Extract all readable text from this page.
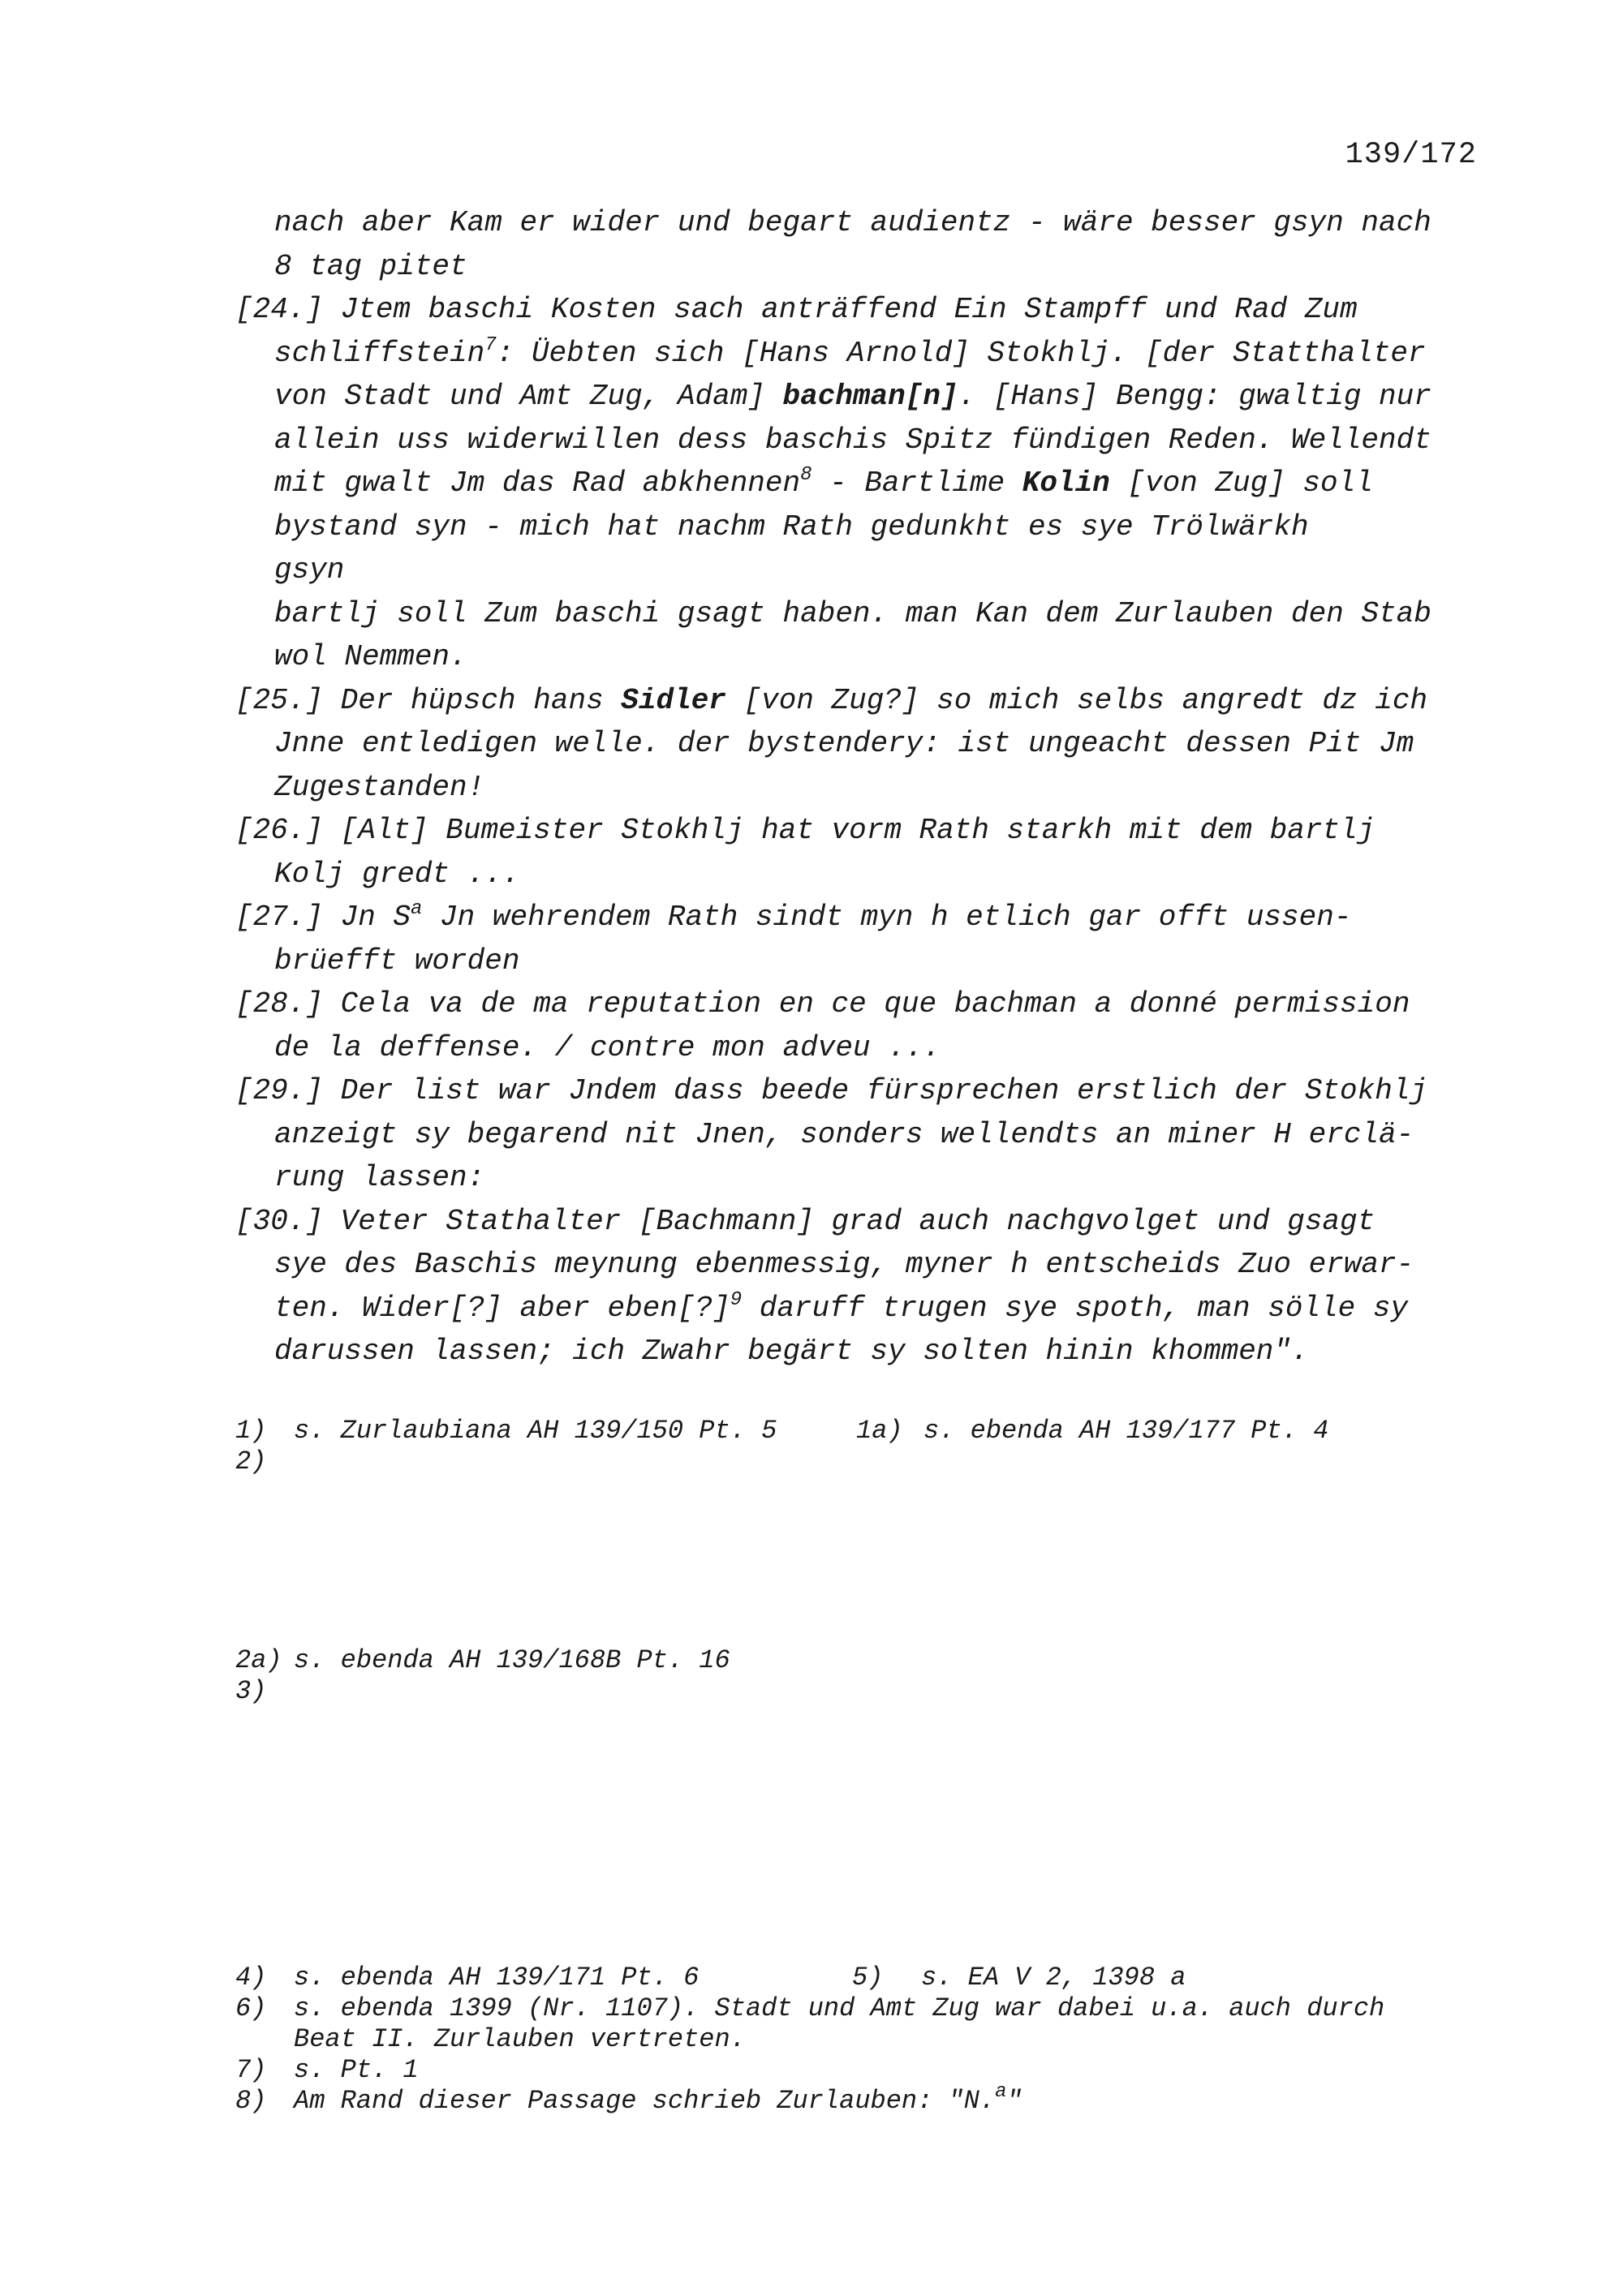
139/172
nach aber Kam er wider und begart audientz - wäre besser gsyn nach
8 tag pitet
[24.] Jtem baschi Kosten sach anträffend Ein Stampff und Rad Zum
schliffstein$^7$: Üebten sich [Hans Arnold] Stokhlj. [der Statthalter
von Stadt und Amt Zug, Adam] bachman[n]. [Hans] Bengg: gwaltig nur
allein uss widerwillen dess baschis Spitz fündigen Reden. Wellendt
mit gwalt Jm das Rad abkhennen$^8$ - Bartlime Kolin [von Zug] soll
bystand syn - mich hat nachm Rath gedunkht es sye Trölwärkh
gsyn
bartlj soll Zum baschi gsagt haben. man Kan dem Zurlauben den Stab
wol Nemmen.
[25.] Der hüpsch hans Sidler [von Zug?] so mich selbs angredt dz ich
Jnne entledigen welle. der bystendery: ist ungeacht dessen Pit Jm
Zugestanden!
[26.] [Alt] Bumeister Stokhlj hat vorm Rath starkh mit dem bartlj
Kolj gredt ...
[27.] Jn $S^a$ Jn wehrendem Rath sindt myn h etlich gar offt ussen-
brüefft worden
[28.] Cela va de ma reputation en ce que bachman a donné permission
de la deffense. / contre mon adveu ...
[29.] Der list war Jndem dass beede fürsprechen erstlich der Stokhlj
anzeigt sy begarend nit Jnen, sonders wellendts an miner H erclä-
rung lassen:
[30.] Veter Stathalter [Bachmann] grad auch nachgvolget und gsagt
sye des Baschis meynung ebenmessig, myner h entscheids Zuo erwar-
ten. Wider[?] aber eben[?]$^9$ daruff trugen sye spoth, man sölle sy
darussen lassen; ich Zwahr begärt sy solten hinin khommen".
1) s. Zurlaubiana AH 139/150 Pt. 5	1a) s. ebenda AH 139/177 Pt. 4
2)
2a) s. ebenda AH 139/168B Pt. 16
3)
4) s. ebenda AH 139/171 Pt. 6	5) s. EA V 2, 1398 a
6) s. ebenda 1399 (Nr. 1107). Stadt und Amt Zug war dabei u.a. auch durch
Beat II. Zurlauben vertreten.
7) s. Pt. 1
8) Am Rand dieser Passage schrieb Zurlauben: "N.$^a$"
